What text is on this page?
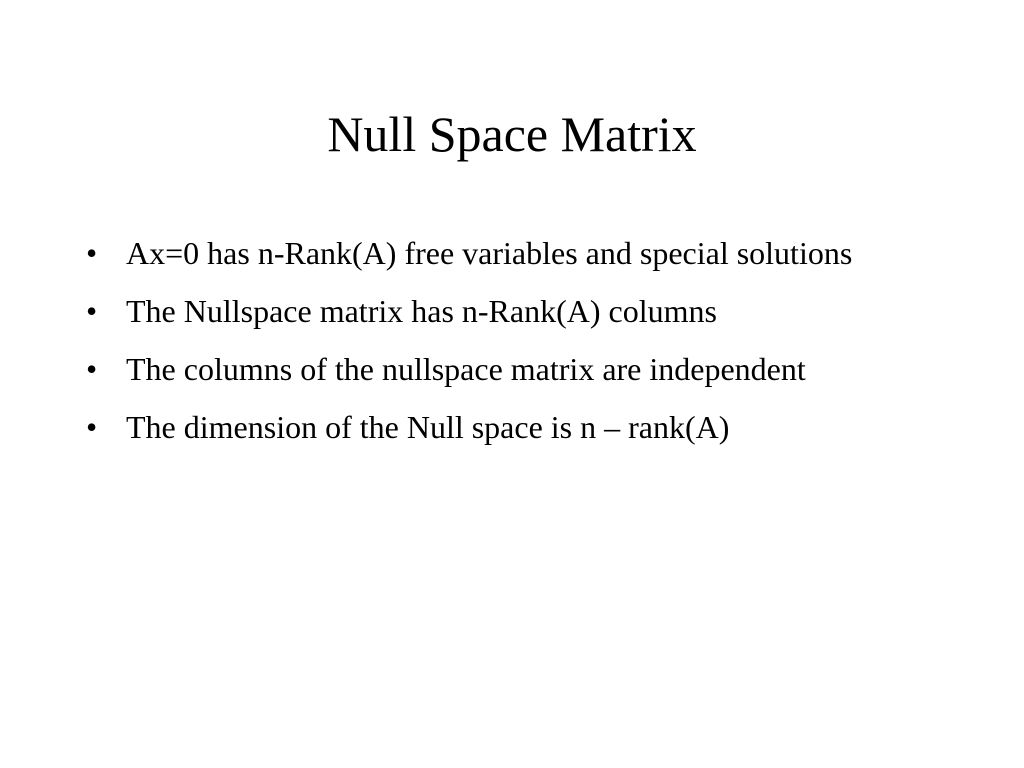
Null Space Matrix
• Ax=0 has n-Rank(A) free variables and special solutions
• The Nullspace matrix has n-Rank(A) columns
• The columns of the nullspace matrix are independent
• The dimension of the Null space is n – rank(A)
